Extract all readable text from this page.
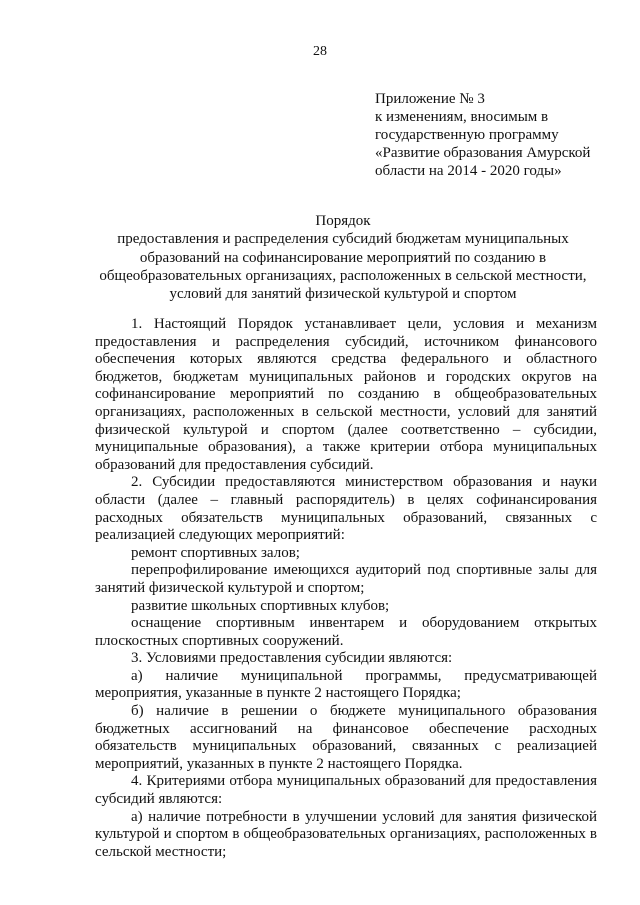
28
Приложение № 3
к изменениям, вносимым в
государственную программу
«Развитие образования Амурской
области на 2014 - 2020 годы»
Порядок
предоставления и распределения субсидий бюджетам муниципальных
образований на софинансирование мероприятий по созданию в
общеобразовательных организациях, расположенных в сельской местности,
условий для занятий физической культурой и спортом

1. Настоящий Порядок устанавливает цели, условия и механизм предоставления и распределения субсидий, источником финансового обеспечения которых являются средства федерального и областного бюджетов, бюджетам муниципальных районов и городских округов на софинансирование мероприятий по созданию в общеобразовательных организациях, расположенных в сельской местности, условий для занятий физической культурой и спортом (далее соответственно – субсидии, муниципальные образования), а также критерии отбора муниципальных образований для предоставления субсидий.

2. Субсидии предоставляются министерством образования и науки области (далее – главный распорядитель) в целях софинансирования расходных обязательств муниципальных образований, связанных с реализацией следующих мероприятий:

ремонт спортивных залов;

перепрофилирование имеющихся аудиторий под спортивные залы для занятий физической культурой и спортом;

развитие школьных спортивных клубов;

оснащение спортивным инвентарем и оборудованием открытых плоскостных спортивных сооружений.

3. Условиями предоставления субсидии являются:

а) наличие муниципальной программы, предусматривающей мероприятия, указанные в пункте 2 настоящего Порядка;

б) наличие в решении о бюджете муниципального образования бюджетных ассигнований на финансовое обеспечение расходных обязательств муниципальных образований, связанных с реализацией мероприятий, указанных в пункте 2 настоящего Порядка.

4. Критериями отбора муниципальных образований для предоставления субсидий являются:

а) наличие потребности в улучшении условий для занятия физической культурой и спортом в общеобразовательных организациях, расположенных в сельской местности;
